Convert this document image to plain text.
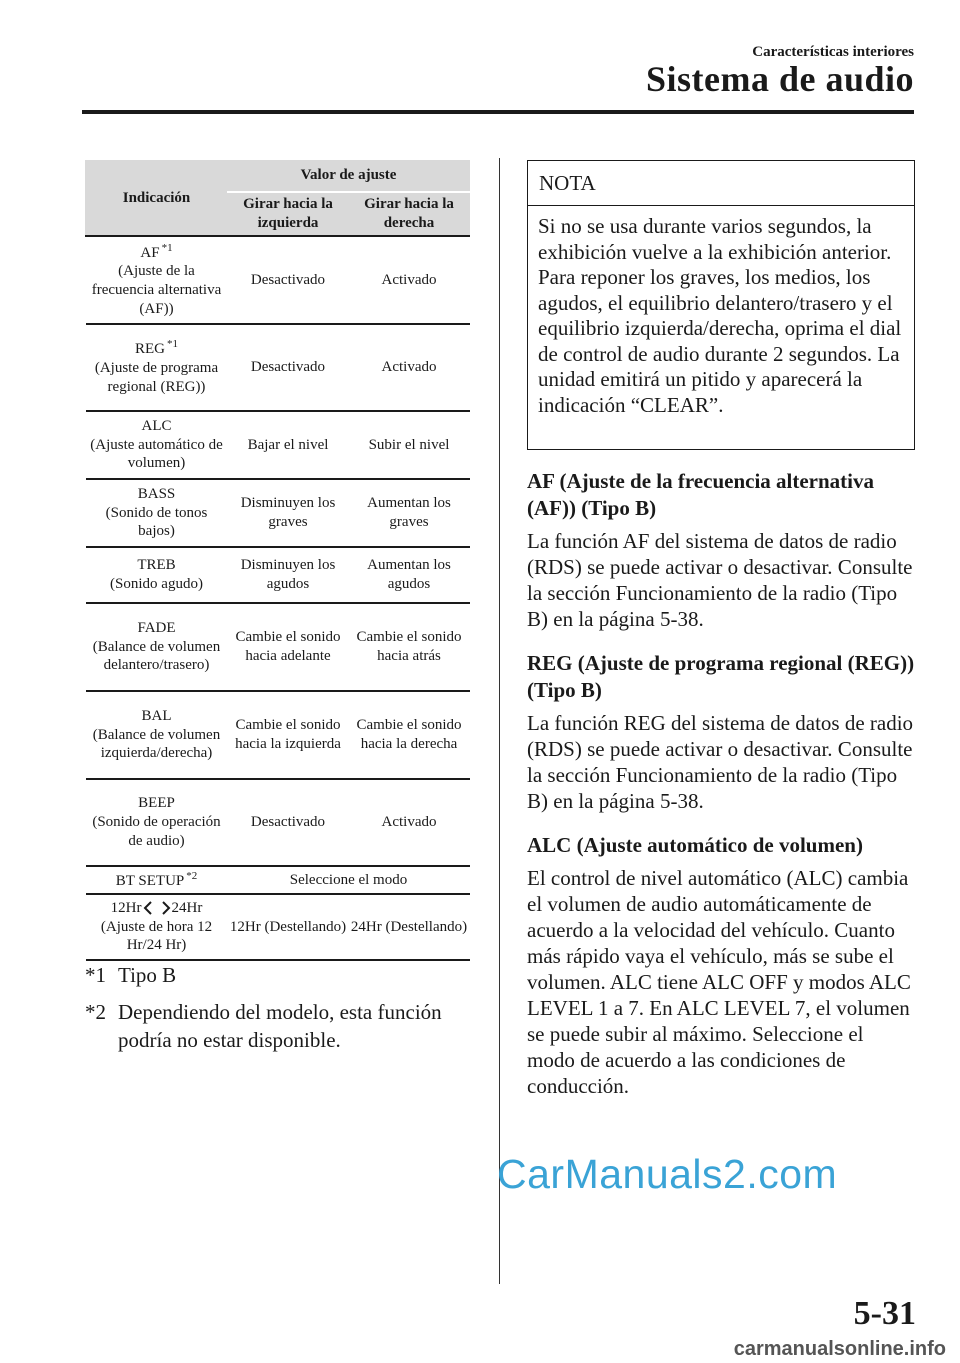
Características interiores
Sistema de audio
Indicación	Valor de ajuste	
	Girar hacia la izquierda	Girar hacia la derecha
AF $^{*1}$
(Ajuste de la frecuencia alternativa (AF))	Desactivado	Activado
REG $^{*1}$
(Ajuste de programa regional (REG))	Desactivado	Activado
ALC
(Ajuste automático de volumen)	Bajar el nivel	Subir el nivel
BASS
(Sonido de tonos bajos)	Disminuyen los graves	Aumentan los graves
TREB
(Sonido agudo)	Disminuyen los agudos	Aumentan los agudos
FADE
(Balance de volumen delantero/trasero)	Cambie el sonido hacia adelante	Cambie el sonido hacia atrás
BAL
(Balance de volumen izquierda/derecha)	Cambie el sonido hacia la izquierda	Cambie el sonido hacia la derecha
BEEP
(Sonido de operación de audio)	Desactivado	Activado
BT SETUP $^{*2}$	Seleccione el modo	
12Hr 24Hr
(Ajuste de hora 12 Hr/24 Hr)	12Hr (Destellando)	24Hr (Destellando)
*1 Tipo B
*2 Dependiendo del modelo, esta función podría no estar disponible.
NOTA
Si no se usa durante varios segundos, la exhibición vuelve a la exhibición anterior. Para reponer los graves, los medios, los agudos, el equilibrio delantero/trasero y el equilibrio izquierda/derecha, oprima el dial de control de audio durante 2 segundos. La unidad emitirá un pitido y aparecerá la indicación “CLEAR”.
AF (Ajuste de la frecuencia alternativa (AF)) (Tipo B)
La función AF del sistema de datos de radio (RDS) se puede activar o desactivar. Consulte la sección Funcionamiento de la radio (Tipo B) en la página 5-38.
REG (Ajuste de programa regional (REG)) (Tipo B)
La función REG del sistema de datos de radio (RDS) se puede activar o desactivar. Consulte la sección Funcionamiento de la radio (Tipo B) en la página 5-38.
ALC (Ajuste automático de volumen)
El control de nivel automático (ALC) cambia el volumen de audio automáticamente de acuerdo a la velocidad del vehículo. Cuanto más rápido vaya el vehículo, más se sube el volumen. ALC tiene ALC OFF y modos ALC LEVEL 1 a 7. En ALC LEVEL 7, el volumen se puede subir al máximo. Seleccione el modo de acuerdo a las condiciones de conducción.
5-31
CarManuals2.com
carmanualsonline.info
